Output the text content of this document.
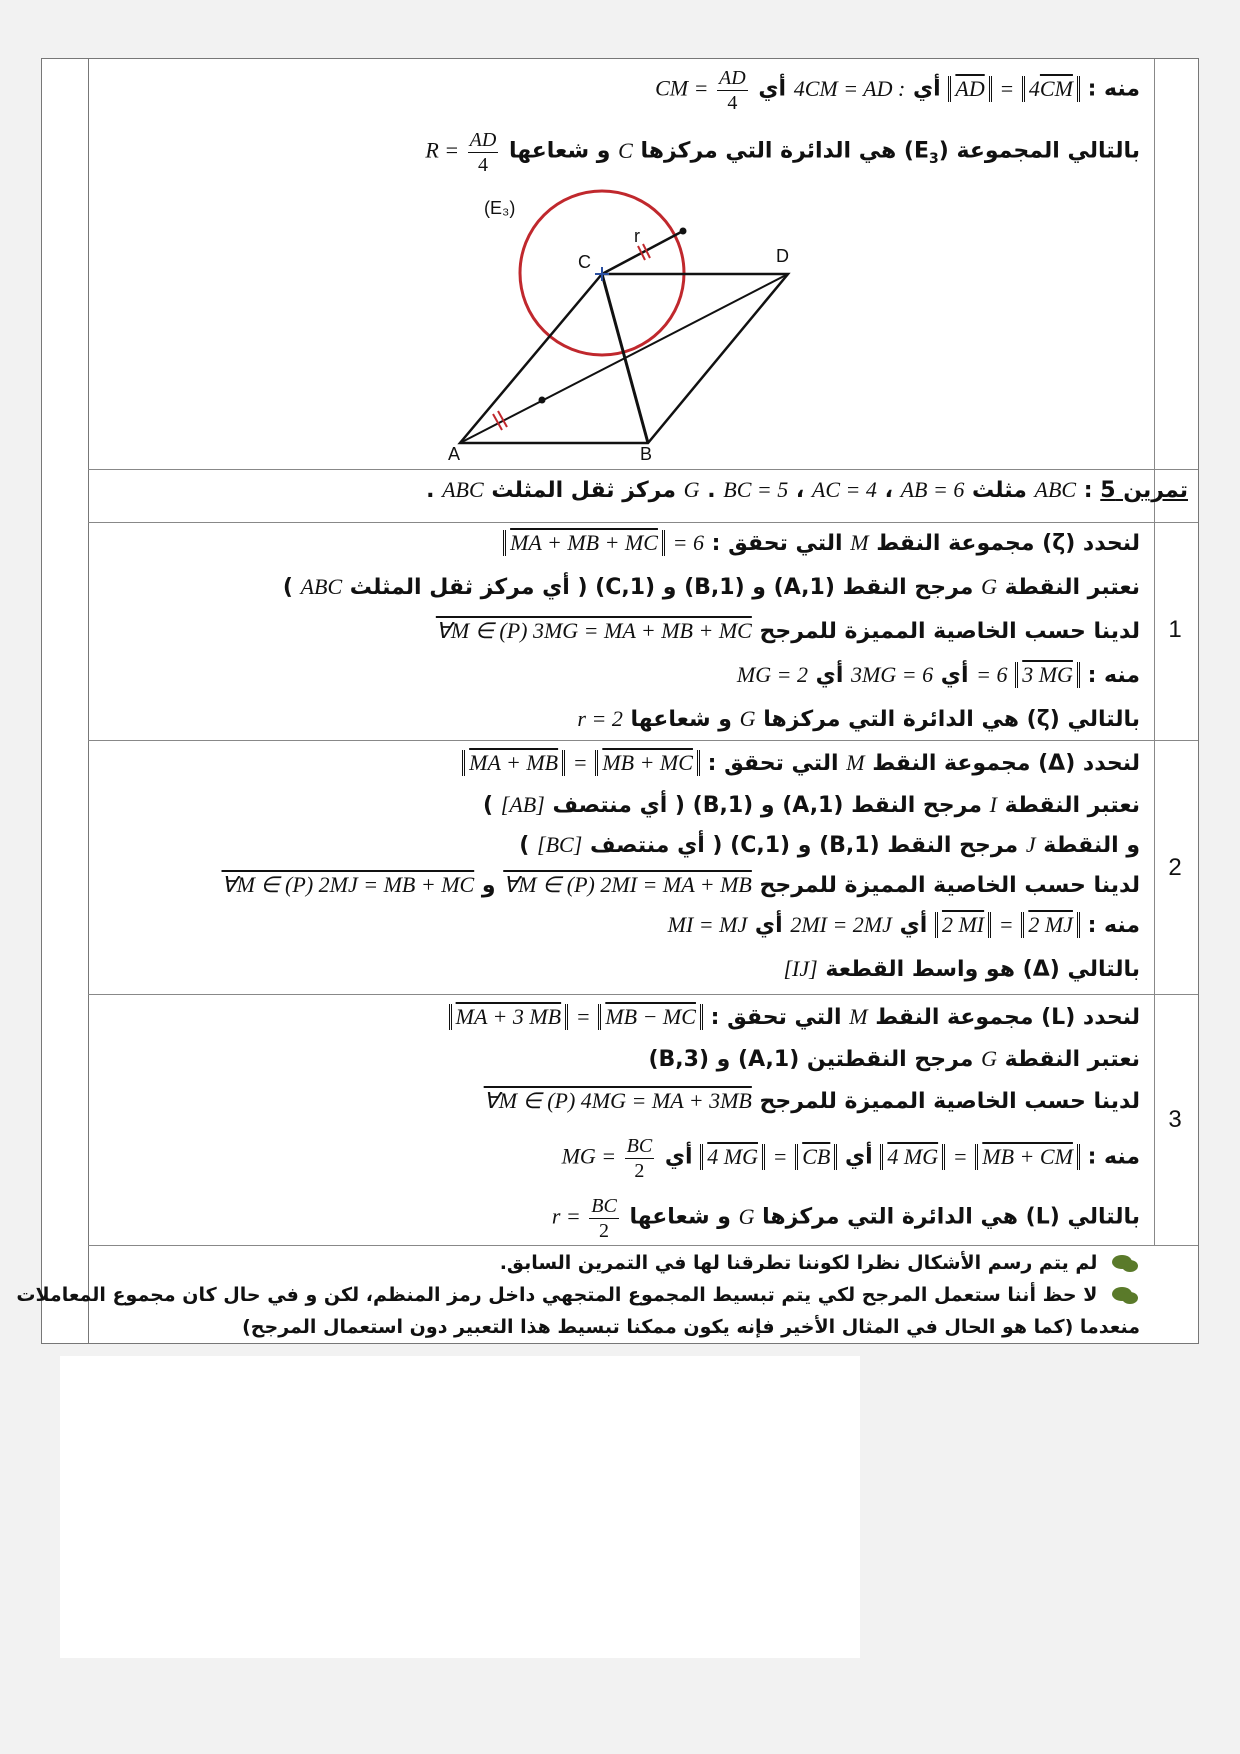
منه : $4\overline{CM} = \overline{AD}$ أي 4CM = AD : أي CM = $\frac{AD}{4}$
بالتالي المجموعة $(E_3)$ هي الدائرة التي مركزها C و شعاعها $R = \frac{AD}{4}$
(E₃)
A	B
C	D
r
تمرين 5 : ABC مثلث AB = 6 ، AC = 4 ، BC = 5 . G مركز ثقل المثلث ABC .
1
لنحدد (ζ) مجموعة النقط M التي تحقق : = 6 MA + MB + MC
نعتبر النقطة G مرجح النقط (A,1) و (B,1) و (C,1) ( أي مركز ثقل المثلث ABC )
لدينا حسب الخاصية المميزة للمرجح ∀M ∈ (P) 3MG = MA + MB + MC
منه : 3 MG = 6 أي 3MG = 6 أي MG = 2
بالتالي (ζ) هي الدائرة التي مركزها G و شعاعها r = 2
2
لنحدد (Δ) مجموعة النقط M التي تحقق : MB + MC = MA + MB
نعتبر النقطة I مرجح النقط (A,1) و (B,1) ( أي منتصف [AB] )
و النقطة J مرجح النقط (B,1) و (C,1) ( أي منتصف [BC] )
لدينا حسب الخاصية المميزة للمرجح ∀M ∈ (P) 2MI = MA + MB و ∀M ∈ (P) 2MJ = MB + MC
منه : 2 MJ = 2 MI أي 2MI = 2MJ أي MI = MJ
بالتالي (Δ) هو واسط القطعة [IJ]
3
لنحدد (L) مجموعة النقط M التي تحقق : MB − MC = MA + 3 MB
نعتبر النقطة G مرجح النقطتين (A,1) و (B,3)
لدينا حسب الخاصية المميزة للمرجح ∀M ∈ (P) 4MG = MA + 3MB
منه : MB + CM = 4 MG أي $\overline{CB} = 4$ MG أي MG = $\frac{BC}{2}$
بالتالي (L) هي الدائرة التي مركزها G و شعاعها $r = \frac{BC}{2}$
لم يتم رسم الأشكال نظرا لكوننا تطرقنا لها في التمرين السابق.
لا حظ أننا ستعمل المرجح لكي يتم تبسيط المجموع المتجهي داخل رمز المنظم، لكن و في حال كان مجموع المعاملات
منعدما (كما هو الحال في المثال الأخير فإنه يكون ممكنا تبسيط هذا التعبير دون استعمال المرجح)
